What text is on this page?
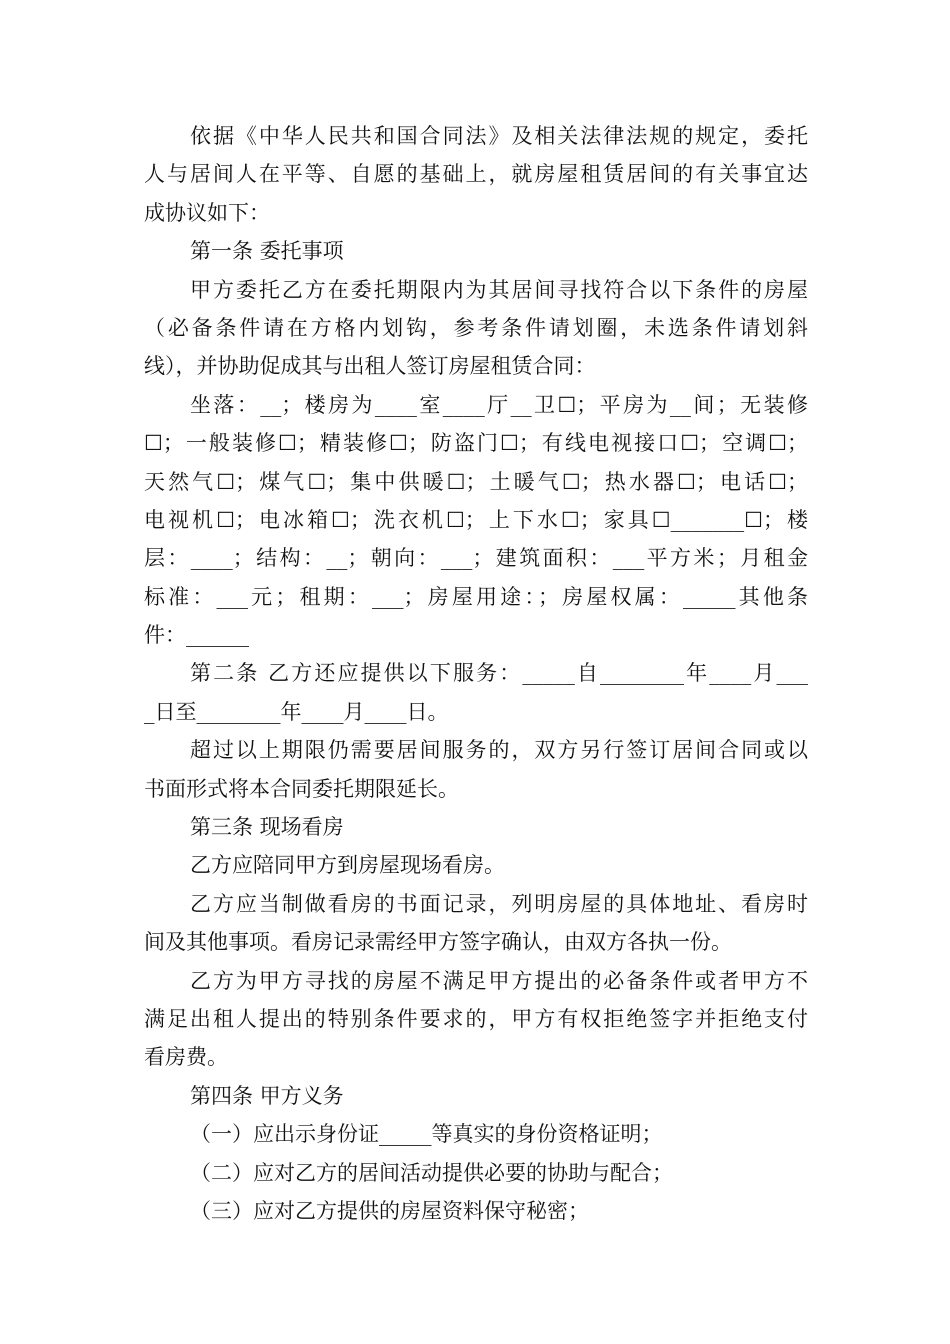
依据《中华人民共和国合同法》及相关法律法规的规定，委托
人与居间人在平等、自愿的基础上，就房屋租赁居间的有关事宜达
成协议如下：
第一条 委托事项
甲方委托乙方在委托期限内为其居间寻找符合以下条件的房屋
（必备条件请在方格内划钩，参考条件请划圈，未选条件请划斜
线），并协助促成其与出租人签订房屋租赁合同：
坐落：__；楼房为____室____厅__卫☐；平房为__间；无装修
☐；一般装修☐；精装修☐；防盗门☐；有线电视接口☐；空调☐；
天然气☐；煤气☐；集中供暖☐；土暖气☐；热水器☐；电话☐；
电视机☐；电冰箱☐；洗衣机☐；上下水☐；家具☐_______☐；楼
层：____；结构：__；朝向：___；建筑面积：___平方米；月租金
标准：___元；租期：___；房屋用途：；房屋权属：_____其他条
件：______
第二条 乙方还应提供以下服务：_____自________年____月___
_日至________年____月____日。
超过以上期限仍需要居间服务的，双方另行签订居间合同或以
书面形式将本合同委托期限延长。
第三条 现场看房
乙方应陪同甲方到房屋现场看房。
乙方应当制做看房的书面记录，列明房屋的具体地址、看房时
间及其他事项。看房记录需经甲方签字确认，由双方各执一份。
乙方为甲方寻找的房屋不满足甲方提出的必备条件或者甲方不
满足出租人提出的特别条件要求的，甲方有权拒绝签字并拒绝支付
看房费。
第四条 甲方义务
（一）应出示身份证_____等真实的身份资格证明；
（二）应对乙方的居间活动提供必要的协助与配合；
（三）应对乙方提供的房屋资料保守秘密；
